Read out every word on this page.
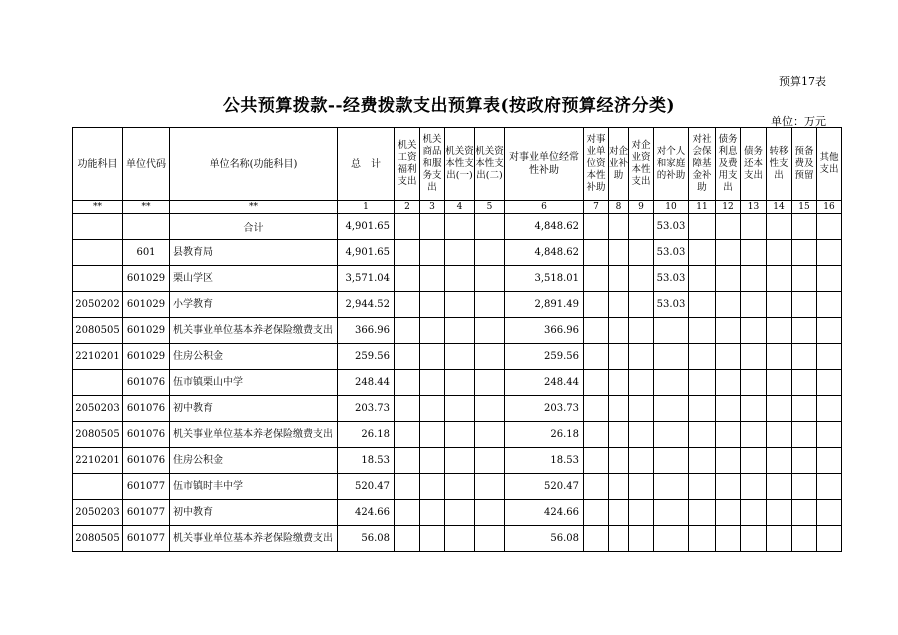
预算17表
公共预算拨款--经费拨款支出预算表(按政府预算经济分类)
单位：万元
功能科目	单位代码	单位名称(功能科目)	总　计	机关工资福利支出	机关商品和服务支出	机关资本性支出(一)	机关资本性支出(二)	对事业单位经常性补助	对事业单位资本性补助	对企业补助	对企业资本性支出	对个人和家庭的补助	对社会保障基金补助	债务利息及费用支出	债务还本支出	转移性支出	预备费及预留	其他支出
**	**	**	1	2	3	4	5	6	7	8	9	10	11	12	13	14	15	16
		合计	4,901.65					4,848.62				53.03						
	601	县教育局	4,901.65					4,848.62				53.03						
	601029	栗山学区	3,571.04					3,518.01				53.03						
2050202	601029	小学教育	2,944.52					2,891.49				53.03						
2080505	601029	机关事业单位基本养老保险缴费支出	366.96					366.96										
2210201	601029	住房公积金	259.56					259.56										
	601076	伍市镇栗山中学	248.44					248.44										
2050203	601076	初中教育	203.73					203.73										
2080505	601076	机关事业单位基本养老保险缴费支出	26.18					26.18										
2210201	601076	住房公积金	18.53					18.53										
	601077	伍市镇时丰中学	520.47					520.47										
2050203	601077	初中教育	424.66					424.66										
2080505	601077	机关事业单位基本养老保险缴费支出	56.08					56.08										
